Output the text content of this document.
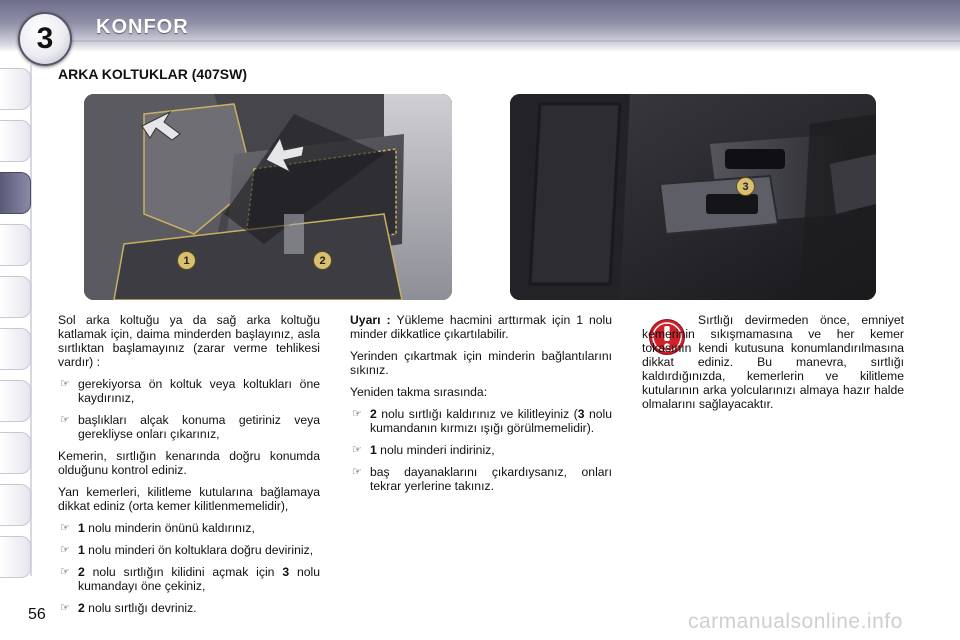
3	KONFOR
ARKA KOLTUKLAR (407SW)
1	2
3

Sol arka koltuğu ya da sağ arka koltuğu katlamak için, daima minderden başlayınız, asla sırtlıktan başlamayınız (zarar verme tehlikesi vardır) :

☞ gerekiyorsa ön koltuk veya koltukları öne kaydırınız,
☞ başlıkları alçak konuma getiriniz veya gerekliyse onları çıkarınız,

Kemerin, sırtlığın kenarında doğru konumda olduğunu kontrol ediniz.

Yan kemerleri, kilitleme kutularına bağlamaya dikkat ediniz (orta kemer kilitlenmemelidir),

☞ 1 nolu minderin önünü kaldırınız,
☞ 1 nolu minderi ön koltuklara doğru deviriniz,
☞ 2 nolu sırtlığın kilidini açmak için 3 nolu kumandayı öne çekiniz,
☞ 2 nolu sırtlığı devriniz.

Uyarı : Yükleme hacmini arttırmak için 1 nolu minder dikkatlice çıkartılabilir.

Yerinden çıkartmak için minderin bağlantılarını sıkınız.

Yeniden takma sırasında:

☞ 2 nolu sırtlığı kaldırınız ve kilitleyiniz (3 nolu kumandanın kırmızı ışığı görülmemelidir).
☞ 1 nolu minderi indiriniz,
☞ baş dayanaklarını çıkardıysanız, onları tekrar yerlerine takınız.

Sırtlığı devirmeden önce, emniyet kemerinin sıkışmamasına ve her kemer tokasının kendi kutusuna konumlandırılmasına dikkat ediniz. Bu manevra, sırtlığı kaldırdığınızda, kemerlerin ve kilitleme kutularının arka yolcularınızı almaya hazır halde olmalarını sağlayacaktır.

56	carmanualsonline.info
